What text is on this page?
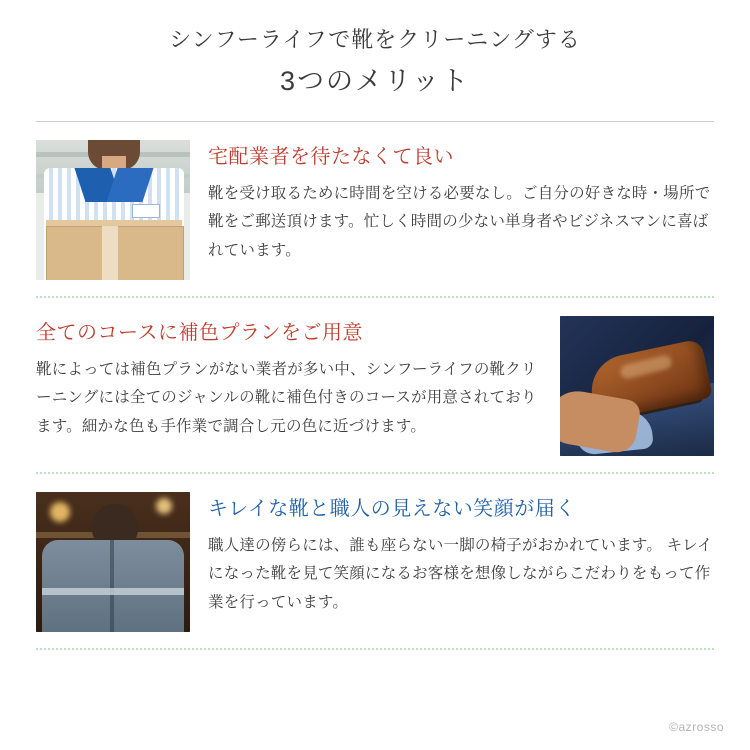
シンフーライフで靴をクリーニングする
3つのメリット
宅配業者を待たなくて良い
靴を受け取るために時間を空ける必要なし。ご自分の好きな時・場所で靴をご郵送頂けます。忙しく時間の少ない単身者やビジネスマンに喜ばれています。
全てのコースに補色プランをご用意
靴によっては補色プランがない業者が多い中、シンフーライフの靴クリーニングには全てのジャンルの靴に補色付きのコースが用意されております。細かな色も手作業で調合し元の色に近づけます。
キレイな靴と職人の見えない笑顔が届く
職人達の傍らには、誰も座らない一脚の椅子がおかれています。 キレイになった靴を見て笑顔になるお客様を想像しながらこだわりをもって作業を行っています。
©azrosso
